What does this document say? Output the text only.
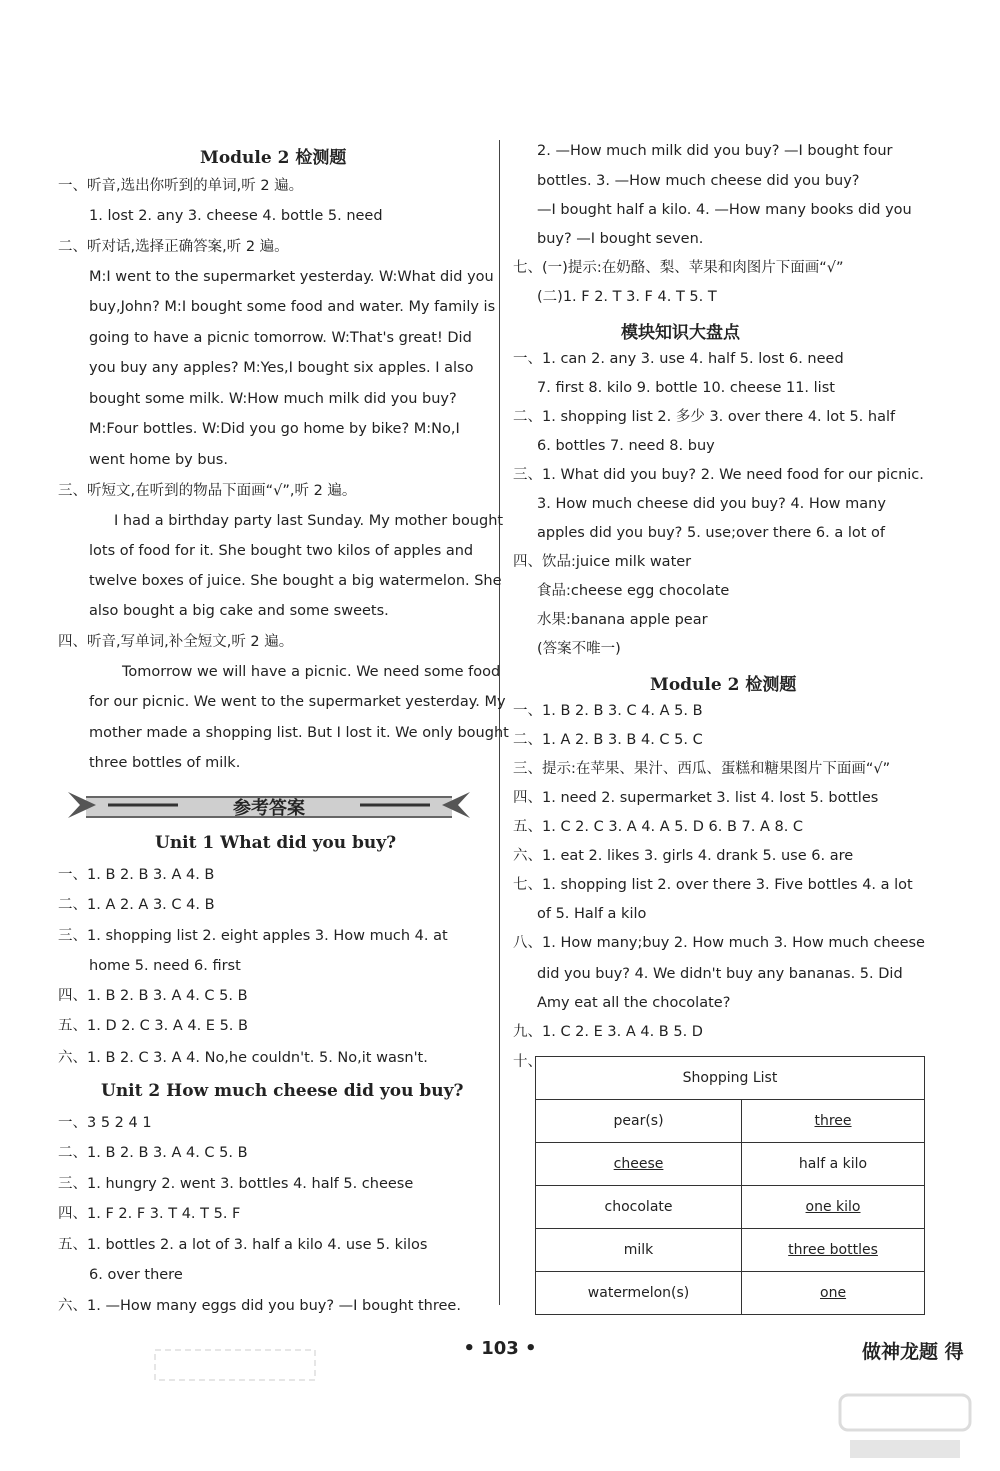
Module 2 检测题
一、听音,选出你听到的单词,听 2 遍。
1. lost 2. any 3. cheese 4. bottle 5. need
二、听对话,选择正确答案,听 2 遍。
M:I went to the supermarket yesterday. W:What did you
buy,John? M:I bought some food and water. My family is
going to have a picnic tomorrow. W:That's great! Did
you buy any apples? M:Yes,I bought six apples. I also
bought some milk. W:How much milk did you buy?
M:Four bottles. W:Did you go home by bike? M:No,I
went home by bus.
三、听短文,在听到的物品下面画“√”,听 2 遍。
I had a birthday party last Sunday. My mother bought
lots of food for it. She bought two kilos of apples and
twelve boxes of juice. She bought a big watermelon. She
also bought a big cake and some sweets.
四、听音,写单词,补全短文,听 2 遍。
Tomorrow we will have a picnic. We need some food
for our picnic. We went to the supermarket yesterday. My
mother made a shopping list. But I lost it. We only bought
three bottles of milk.
Unit 1 What did you buy?
一、1. B 2. B 3. A 4. B
二、1. A 2. A 3. C 4. B
三、1. shopping list 2. eight apples 3. How much 4. at
home 5. need 6. first
四、1. B 2. B 3. A 4. C 5. B
五、1. D 2. C 3. A 4. E 5. B
六、1. B 2. C 3. A 4. No,he couldn't. 5. No,it wasn't.
Unit 2 How much cheese did you buy?
一、3 5 2 4 1
二、1. B 2. B 3. A 4. C 5. B
三、1. hungry 2. went 3. bottles 4. half 5. cheese
四、1. F 2. F 3. T 4. T 5. F
五、1. bottles 2. a lot of 3. half a kilo 4. use 5. kilos
6. over there
六、1. —How many eggs did you buy? —I bought three.
2. —How much milk did you buy? —I bought four
bottles. 3. —How much cheese did you buy?
—I bought half a kilo. 4. —How many books did you
buy? —I bought seven.
七、(一)提示:在奶酪、梨、苹果和肉图片下面画“√”
(二)1. F 2. T 3. F 4. T 5. T
模块知识大盘点
一、1. can 2. any 3. use 4. half 5. lost 6. need
7. first 8. kilo 9. bottle 10. cheese 11. list
二、1. shopping list 2. 多少 3. over there 4. lot 5. half
6. bottles 7. need 8. buy
三、1. What did you buy? 2. We need food for our picnic.
3. How much cheese did you buy? 4. How many
apples did you buy? 5. use;over there 6. a lot of
四、饮品:juice milk water
食品:cheese egg chocolate
水果:banana apple pear
(答案不唯一)
Module 2 检测题
一、1. B 2. B 3. C 4. A 5. B
二、1. A 2. B 3. B 4. C 5. C
三、提示:在苹果、果汁、西瓜、蛋糕和糖果图片下面画“√”
四、1. need 2. supermarket 3. list 4. lost 5. bottles
五、1. C 2. C 3. A 4. A 5. D 6. B 7. A 8. C
六、1. eat 2. likes 3. girls 4. drank 5. use 6. are
七、1. shopping list 2. over there 3. Five bottles 4. a lot
of 5. Half a kilo
八、1. How many;buy 2. How much 3. How much cheese
did you buy? 4. We didn't buy any bananas. 5. Did
Amy eat all the chocolate?
九、1. C 2. E 3. A 4. B 5. D
十、
参考答案
Shopping List	
pear(s)	three
cheese	half a kilo
chocolate	one kilo
milk	three bottles
watermelon(s)	one
• 103 •	做神龙题 得
